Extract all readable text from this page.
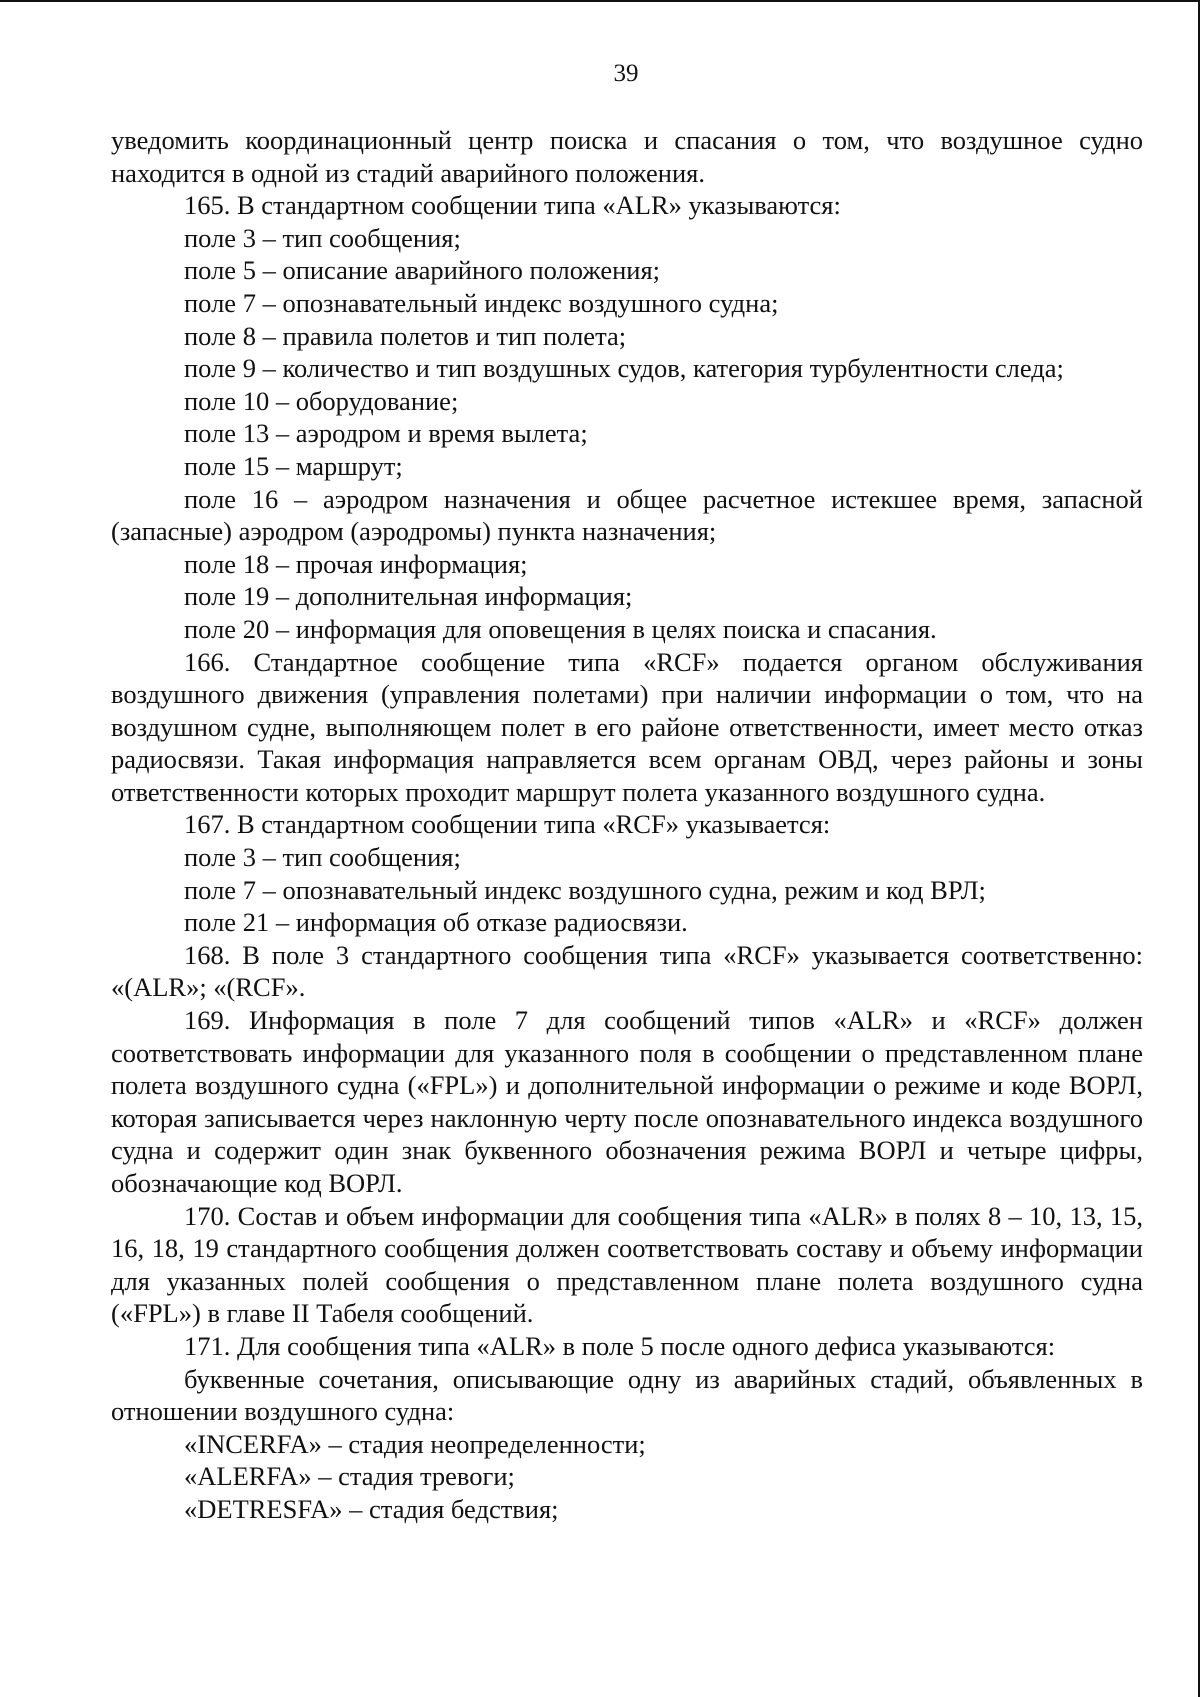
39

уведомить координационный центр поиска и спасания о том, что воздушное судно находится в одной из стадий аварийного положения.

165. В стандартном сообщении типа «ALR» указываются:

поле 3 – тип сообщения;

поле 5 – описание аварийного положения;

поле 7 – опознавательный индекс воздушного судна;

поле 8 – правила полетов и тип полета;

поле 9 – количество и тип воздушных судов, категория турбулентности следа;

поле 10 – оборудование;

поле 13 – аэродром и время вылета;

поле 15 – маршрут;

поле 16 – аэродром назначения и общее расчетное истекшее время, запасной (запасные) аэродром (аэродромы) пункта назначения;

поле 18 – прочая информация;

поле 19 – дополнительная информация;

поле 20 – информация для оповещения в целях поиска и спасания.

166. Стандартное сообщение типа «RCF» подается органом обслуживания воздушного движения (управления полетами) при наличии информации о том, что на воздушном судне, выполняющем полет в его районе ответственности, имеет место отказ радиосвязи. Такая информация направляется всем органам ОВД, через районы и зоны ответственности которых проходит маршрут полета указанного воздушного судна.

167. В стандартном сообщении типа «RCF» указывается:

поле 3 – тип сообщения;

поле 7 – опознавательный индекс воздушного судна, режим и код ВРЛ;

поле 21 – информация об отказе радиосвязи.

168. В поле 3 стандартного сообщения типа «RCF» указывается соответственно: «(ALR»; «(RCF».

169. Информация в поле 7 для сообщений типов «ALR» и «RCF» должен соответствовать информации для указанного поля в сообщении о представленном плане полета воздушного судна («FPL») и дополнительной информации о режиме и коде ВОРЛ, которая записывается через наклонную черту после опознавательного индекса воздушного судна и содержит один знак буквенного обозначения режима ВОРЛ и четыре цифры, обозначающие код ВОРЛ.

170. Состав и объем информации для сообщения типа «ALR» в полях 8 – 10, 13, 15, 16, 18, 19 стандартного сообщения должен соответствовать составу и объему информации для указанных полей сообщения о представленном плане полета воздушного судна («FPL») в главе II Табеля сообщений.

171. Для сообщения типа «ALR» в поле 5 после одного дефиса указываются:

буквенные сочетания, описывающие одну из аварийных стадий, объявленных в отношении воздушного судна:

«INCERFA» – стадия неопределенности;

«ALERFA» – стадия тревоги;

«DETRESFA» – стадия бедствия;
